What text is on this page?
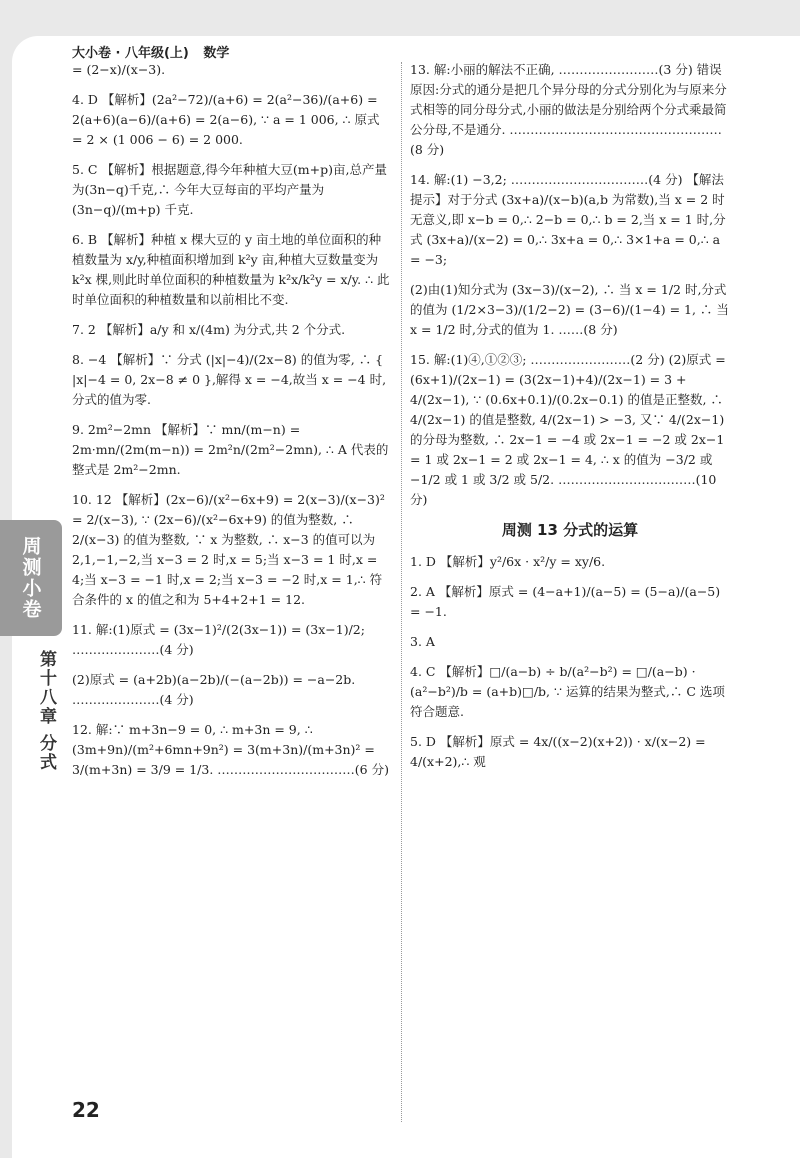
大小卷 · 八年级(上) 数学
周测小卷
第十八章 分式
= (2−x)/(x−3).
4. D 【解析】(2a²−72)/(a+6) = 2(a²−36)/(a+6) = 2(a+6)(a−6)/(a+6) = 2(a−6), ∵ a = 1 006, ∴ 原式 = 2 × (1 006 − 6) = 2 000.
5. C 【解析】根据题意,得今年种植大豆(m+p)亩,总产量为(3n−q)千克,∴ 今年大豆每亩的平均产量为 (3n−q)/(m+p) 千克.
6. B 【解析】种植 x 棵大豆的 y 亩土地的单位面积的种植数量为 x/y,种植面积增加到 k²y 亩,种植大豆数量变为 k²x 棵,则此时单位面积的种植数量为 k²x/k²y = x/y. ∴ 此时单位面积的种植数量和以前相比不变.
7. 2 【解析】a/y 和 x/(4m) 为分式,共 2 个分式.
8. −4 【解析】∵ 分式 (|x|−4)/(2x−8) 的值为零, ∴ { |x|−4 = 0, 2x−8 ≠ 0 },解得 x = −4,故当 x = −4 时,分式的值为零.
9. 2m²−2mn 【解析】∵ mn/(m−n) = 2m·mn/(2m(m−n)) = 2m²n/(2m²−2mn), ∴ A 代表的整式是 2m²−2mn.
10. 12 【解析】(2x−6)/(x²−6x+9) = 2(x−3)/(x−3)² = 2/(x−3), ∵ (2x−6)/(x²−6x+9) 的值为整数, ∴ 2/(x−3) 的值为整数, ∵ x 为整数, ∴ x−3 的值可以为 2,1,−1,−2,当 x−3 = 2 时,x = 5;当 x−3 = 1 时,x = 4;当 x−3 = −1 时,x = 2;当 x−3 = −2 时,x = 1,∴ 符合条件的 x 的值之和为 5+4+2+1 = 12.
11. 解:(1)原式 = (3x−1)²/(2(3x−1)) = (3x−1)/2; …………………(4 分)
(2)原式 = (a+2b)(a−2b)/(−(a−2b)) = −a−2b. …………………(4 分)
12. 解:∵ m+3n−9 = 0, ∴ m+3n = 9, ∴ (3m+9n)/(m²+6mn+9n²) = 3(m+3n)/(m+3n)² = 3/(m+3n) = 3/9 = 1/3. ……………………………(6 分)
13. 解:小丽的解法不正确, ……………………(3 分) 错误原因:分式的通分是把几个异分母的分式分别化为与原来分式相等的同分母分式,小丽的做法是分别给两个分式乘最简公分母,不是通分. ……………………………………………(8 分)
14. 解:(1) −3,2; ……………………………(4 分) 【解法提示】对于分式 (3x+a)/(x−b)(a,b 为常数),当 x = 2 时无意义,即 x−b = 0,∴ 2−b = 0,∴ b = 2,当 x = 1 时,分式 (3x+a)/(x−2) = 0,∴ 3x+a = 0,∴ 3×1+a = 0,∴ a = −3;
(2)由(1)知分式为 (3x−3)/(x−2), ∴ 当 x = 1/2 时,分式的值为 (1/2×3−3)/(1/2−2) = (3−6)/(1−4) = 1, ∴ 当 x = 1/2 时,分式的值为 1. ……(8 分)
15. 解:(1)④,①②③; ……………………(2 分) (2)原式 = (6x+1)/(2x−1) = (3(2x−1)+4)/(2x−1) = 3 + 4/(2x−1), ∵ (0.6x+0.1)/(0.2x−0.1) 的值是正整数, ∴ 4/(2x−1) 的值是整数, 4/(2x−1) > −3, 又∵ 4/(2x−1) 的分母为整数, ∴ 2x−1 = −4 或 2x−1 = −2 或 2x−1 = 1 或 2x−1 = 2 或 2x−1 = 4, ∴ x 的值为 −3/2 或 −1/2 或 1 或 3/2 或 5/2. ……………………………(10 分)
周测 13 分式的运算
1. D 【解析】y²/6x · x²/y = xy/6.
2. A 【解析】原式 = (4−a+1)/(a−5) = (5−a)/(a−5) = −1.
3. A
4. C 【解析】□/(a−b) ÷ b/(a²−b²) = □/(a−b) · (a²−b²)/b = (a+b)□/b, ∵ 运算的结果为整式,∴ C 选项符合题意.
5. D 【解析】原式 = 4x/((x−2)(x+2)) · x/(x−2) = 4/(x+2),∴ 观
22
